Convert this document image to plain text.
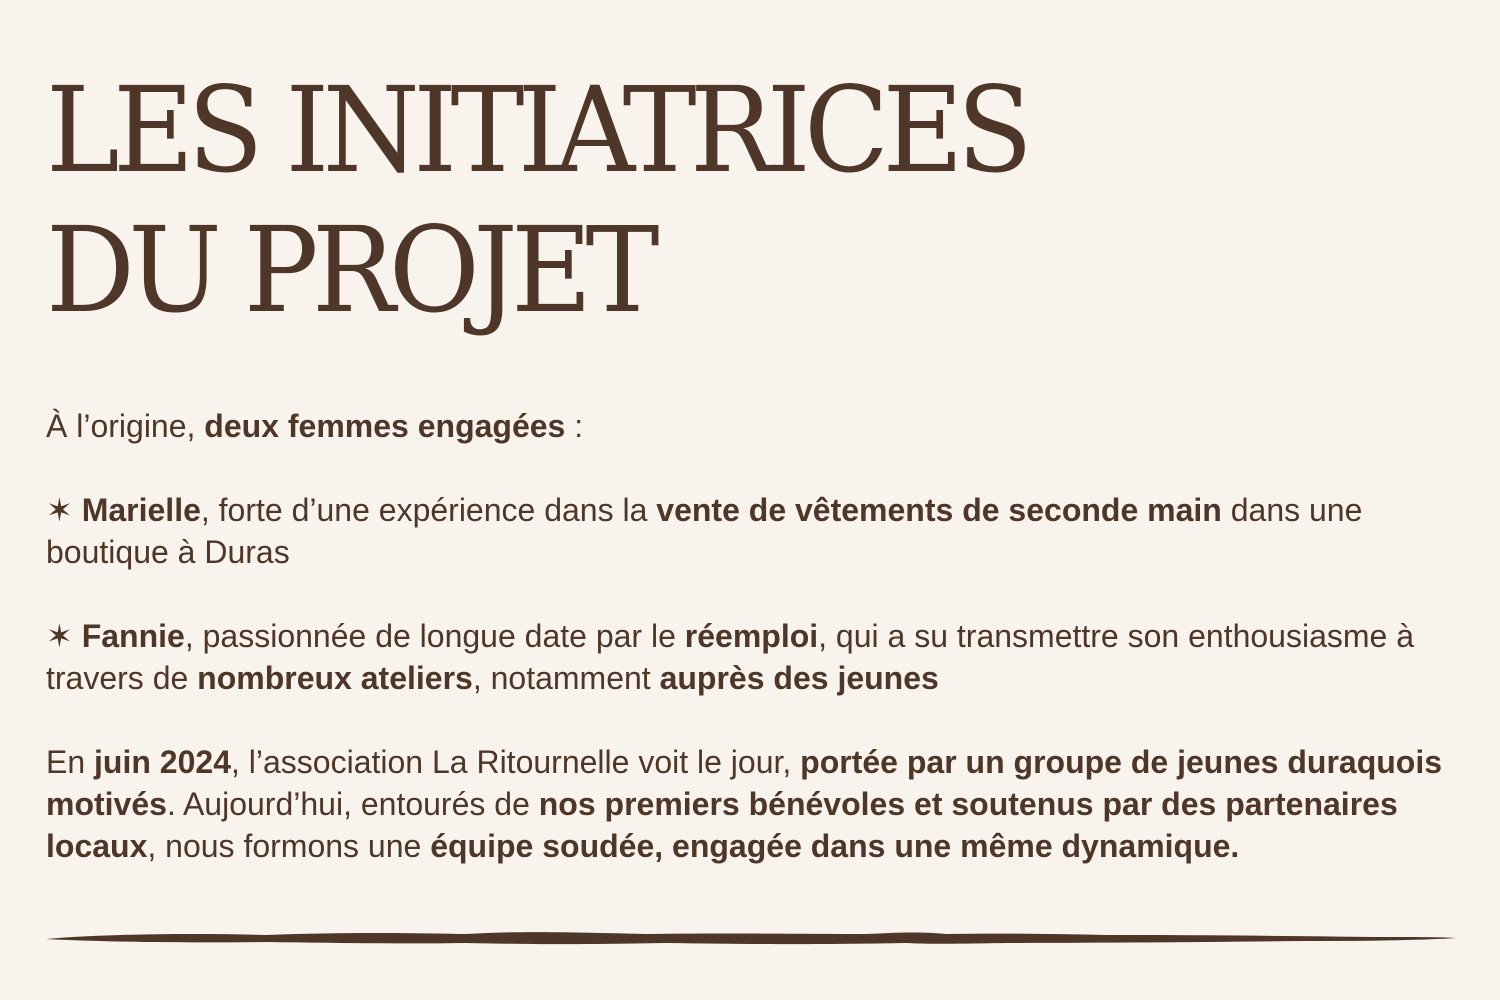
LES INITIATRICES DU PROJET

À l’origine, deux femmes engagées :

✶ Marielle, forte d’une expérience dans la vente de vêtements de seconde main dans une boutique à Duras

✶ Fannie, passionnée de longue date par le réemploi, qui a su transmettre son enthousiasme à travers de nombreux ateliers, notamment auprès des jeunes

En juin 2024, l’association La Ritournelle voit le jour, portée par un groupe de jeunes duraquois motivés. Aujourd’hui, entourés de nos premiers bénévoles et soutenus par des partenaires locaux, nous formons une équipe soudée, engagée dans une même dynamique.
